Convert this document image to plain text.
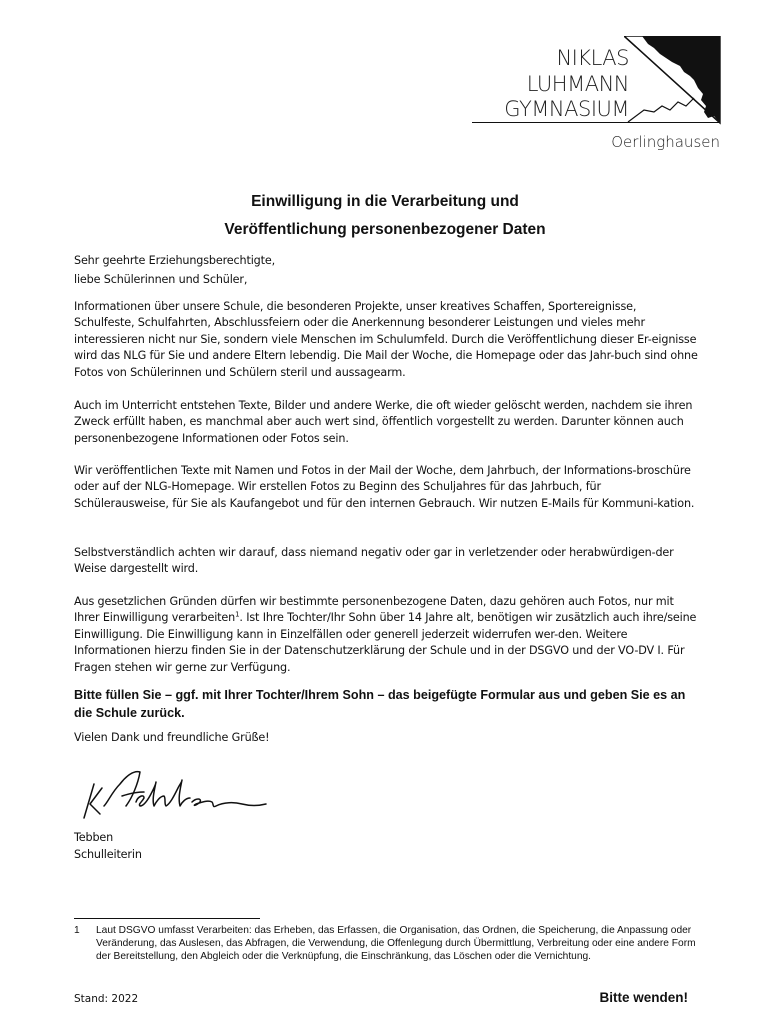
NIKLAS
LUHMANN
GYMNASIUM
Oerlinghausen
Einwilligung in die Verarbeitung und
Veröffentlichung personenbezogener Daten
Sehr geehrte Erziehungsberechtigte,
liebe Schülerinnen und Schüler,
Informationen über unsere Schule, die besonderen Projekte, unser kreatives Schaffen, Sportereignisse, Schulfeste, Schulfahrten, Abschlussfeiern oder die Anerkennung besonderer Leistungen und vieles mehr interessieren nicht nur Sie, sondern viele Menschen im Schulumfeld. Durch die Veröffentlichung dieser Er-eignisse wird das NLG für Sie und andere Eltern lebendig. Die Mail der Woche, die Homepage oder das Jahr-buch sind ohne Fotos von Schülerinnen und Schülern steril und aussagearm.
Auch im Unterricht entstehen Texte, Bilder und andere Werke, die oft wieder gelöscht werden, nachdem sie ihren Zweck erfüllt haben, es manchmal aber auch wert sind, öffentlich vorgestellt zu werden. Darunter können auch personenbezogene Informationen oder Fotos sein.
Wir veröffentlichen Texte mit Namen und Fotos in der Mail der Woche, dem Jahrbuch, der Informations-broschüre oder auf der NLG-Homepage. Wir erstellen Fotos zu Beginn des Schuljahres für das Jahrbuch, für Schülerausweise, für Sie als Kaufangebot und für den internen Gebrauch. Wir nutzen E-Mails für Kommuni-kation.
Selbstverständlich achten wir darauf, dass niemand negativ oder gar in verletzender oder herabwürdigen-der Weise dargestellt wird.
Aus gesetzlichen Gründen dürfen wir bestimmte personenbezogene Daten, dazu gehören auch Fotos, nur mit Ihrer Einwilligung verarbeiten$^1$. Ist Ihre Tochter/Ihr Sohn über 14 Jahre alt, benötigen wir zusätzlich auch ihre/seine Einwilligung. Die Einwilligung kann in Einzelfällen oder generell jederzeit widerrufen wer-den. Weitere Informationen hierzu finden Sie in der Datenschutzerklärung der Schule und in der DSGVO und der VO-DV I. Für Fragen stehen wir gerne zur Verfügung.
Bitte füllen Sie – ggf. mit Ihrer Tochter/Ihrem Sohn – das beigefügte Formular aus und geben Sie es an die Schule zurück.
Vielen Dank und freundliche Grüße!
Tebben
Schulleiterin
1 Laut DSGVO umfasst Verarbeiten: das Erheben, das Erfassen, die Organisation, das Ordnen, die Speicherung, die Anpassung oder Veränderung, das Auslesen, das Abfragen, die Verwendung, die Offenlegung durch Übermittlung, Verbreitung oder eine andere Form der Bereitstellung, den Abgleich oder die Verknüpfung, die Einschränkung, das Löschen oder die Vernichtung.
Stand: 2022	Bitte wenden!
